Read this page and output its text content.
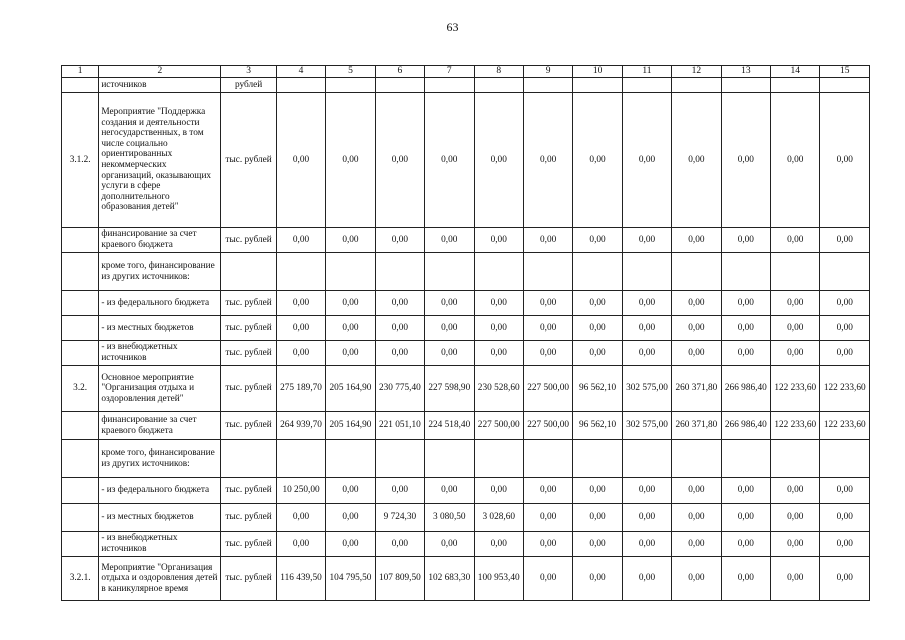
63
1	2	3	4	5	6	7	8	9	10	11	12	13	14	15
	источников	рублей												
3.1.2.	Мероприятие "Поддержка создания и деятельности негосударственных, в том числе социально ориентированных некоммерческих организаций, оказывающих услуги в сфере дополнительного образования детей"	тыс. рублей	0,00	0,00	0,00	0,00	0,00	0,00	0,00	0,00	0,00	0,00	0,00	0,00
	финансирование за счет краевого бюджета	тыс. рублей	0,00	0,00	0,00	0,00	0,00	0,00	0,00	0,00	0,00	0,00	0,00	0,00
	кроме того, финансирование из других источников:													
	- из федерального бюджета	тыс. рублей	0,00	0,00	0,00	0,00	0,00	0,00	0,00	0,00	0,00	0,00	0,00	0,00
	- из местных бюджетов	тыс. рублей	0,00	0,00	0,00	0,00	0,00	0,00	0,00	0,00	0,00	0,00	0,00	0,00
	- из внебюджетных источников	тыс. рублей	0,00	0,00	0,00	0,00	0,00	0,00	0,00	0,00	0,00	0,00	0,00	0,00
3.2.	Основное мероприятие "Организация отдыха и оздоровления детей"	тыс. рублей	275 189,70	205 164,90	230 775,40	227 598,90	230 528,60	227 500,00	96 562,10	302 575,00	260 371,80	266 986,40	122 233,60	122 233,60
	финансирование за счет краевого бюджета	тыс. рублей	264 939,70	205 164,90	221 051,10	224 518,40	227 500,00	227 500,00	96 562,10	302 575,00	260 371,80	266 986,40	122 233,60	122 233,60
	кроме того, финансирование из других источников:													
	- из федерального бюджета	тыс. рублей	10 250,00	0,00	0,00	0,00	0,00	0,00	0,00	0,00	0,00	0,00	0,00	0,00
	- из местных бюджетов	тыс. рублей	0,00	0,00	9 724,30	3 080,50	3 028,60	0,00	0,00	0,00	0,00	0,00	0,00	0,00
	- из внебюджетных источников	тыс. рублей	0,00	0,00	0,00	0,00	0,00	0,00	0,00	0,00	0,00	0,00	0,00	0,00
3.2.1.	Мероприятие "Организация отдыха и оздоровления детей в каникулярное время	тыс. рублей	116 439,50	104 795,50	107 809,50	102 683,30	100 953,40	0,00	0,00	0,00	0,00	0,00	0,00	0,00
